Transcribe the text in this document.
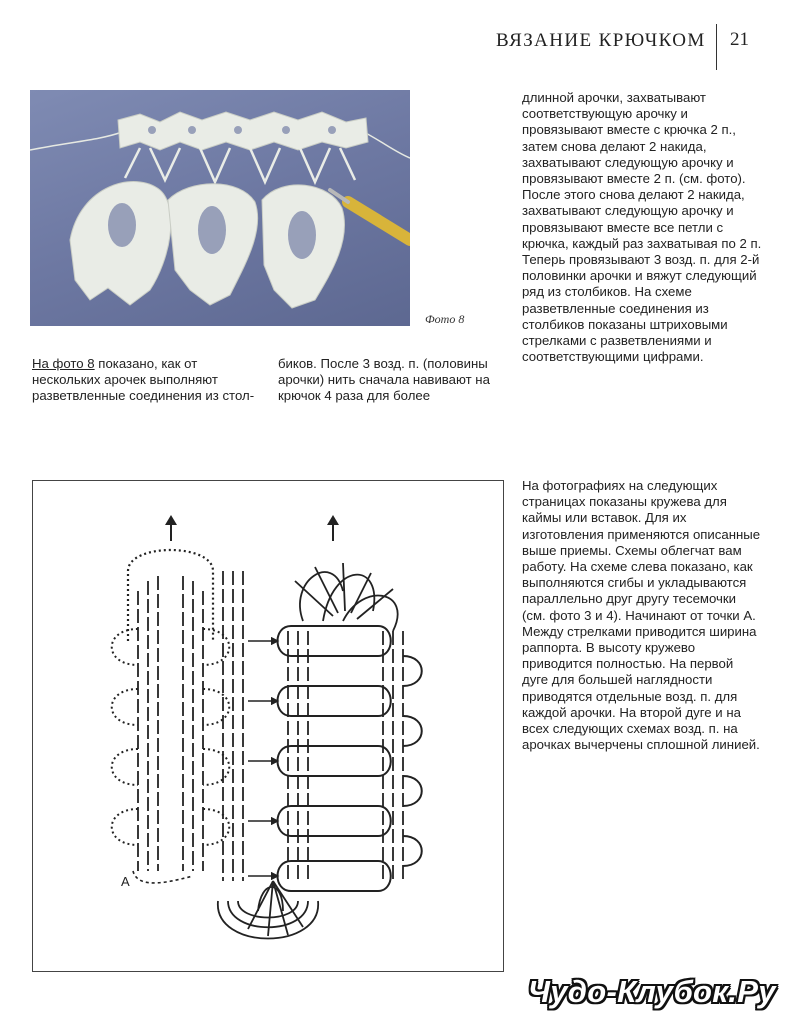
ВЯЗАНИЕ КРЮЧКОМ 21
Фото 8

На фото 8 показано, как от нескольких арочек выполняют разветвленные соединения из стол-

биков. После 3 возд. п. (половины арочки) нить сначала навивают на крючок 4 раза для более

длинной арочки, захватывают соответствующую арочку и провязывают вместе с крючка 2 п., затем снова делают 2 накида, захватывают следующую арочку и провязывают вместе 2 п. (см. фото). После этого снова делают 2 накида, захватывают следующую арочку и провязывают вместе все петли с крючка, каждый раз захватывая по 2 п. Теперь провязывают 3 возд. п. для 2-й половинки арочки и вяжут следующий ряд из столбиков. На схеме разветвленные соединения из столбиков показаны штриховыми стрелками с разветвлениями и соответствующими цифрами.

На фотографиях на следующих страницах показаны кружева для каймы или вставок. Для их изготовления применяются описанные выше приемы. Схемы облегчат вам работу. На схеме слева показано, как выполняются сгибы и укладываются параллельно друг другу тесемочки (см. фото 3 и 4). Начинают от точки А. Между стрелками приводится ширина раппорта. В высоту кружево приводится полностью. На первой дуге для большей наглядности приводятся отдельные возд. п. для каждой арочки. На второй дуге и на всех следующих схемах возд. п. на арочках вычерчены сплошной линией.

A
Чудо-Клубок.Ру
